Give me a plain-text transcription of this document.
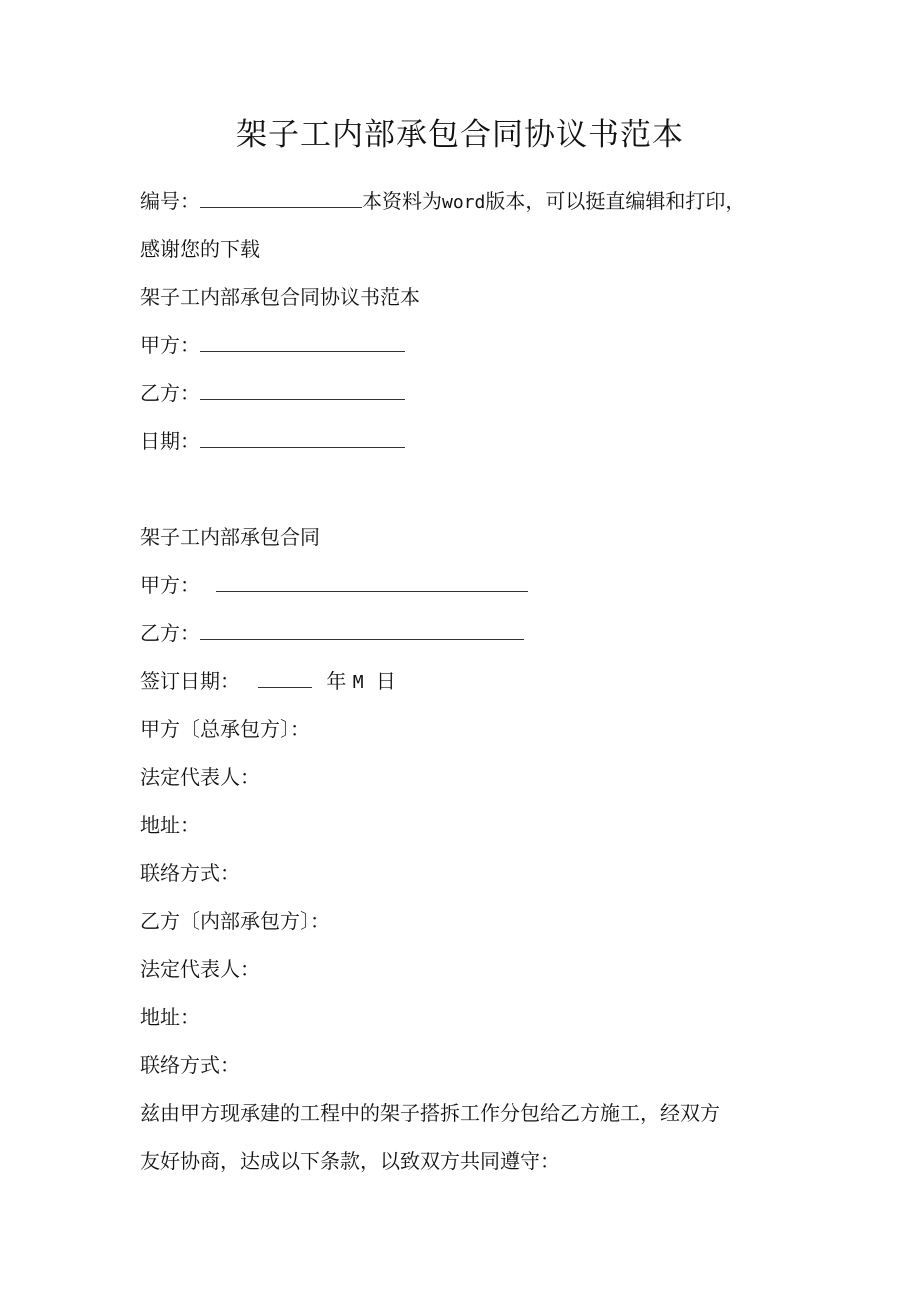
架子工内部承包合同协议书范本
编号：	本资料为word版本，可以挺直编辑和打印，
感谢您的下载
架子工内部承包合同协议书范本
甲方：
乙方：
日期：
架子工内部承包合同
甲方：
乙方：
签订日期：	年 M 日
甲方〔总承包方〕：
法定代表人：
地址：
联络方式：
乙方〔内部承包方〕：
法定代表人：
地址：
联络方式：
兹由甲方现承建的工程中的架子搭拆工作分包给乙方施工，经双方
友好协商，达成以下条款，以致双方共同遵守：
